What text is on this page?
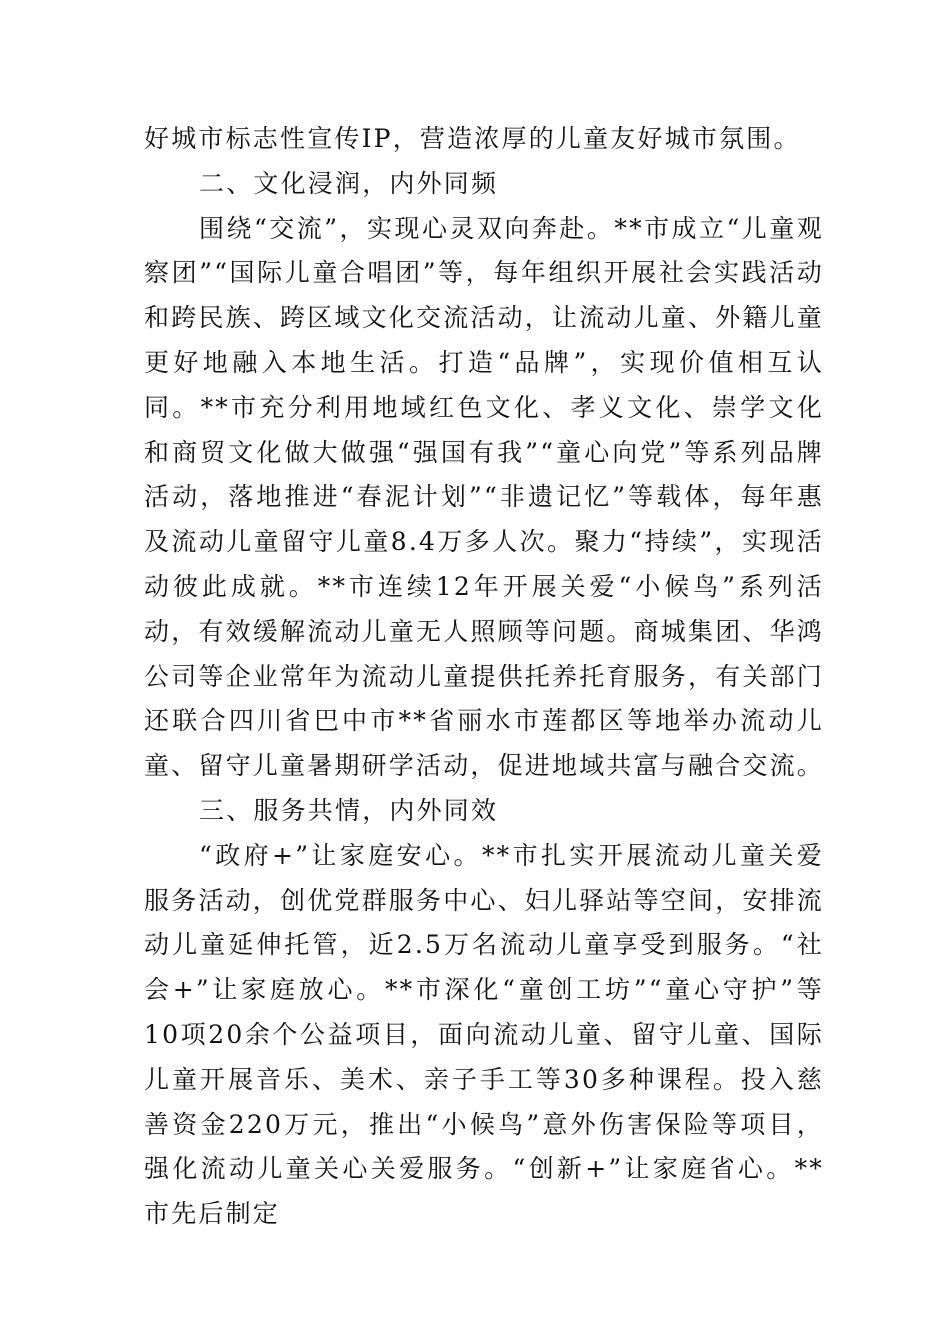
好城市标志性宣传IP，营造浓厚的儿童友好城市氛围。

二、文化浸润，内外同频

围绕“交流”，实现心灵双向奔赴。**市成立“儿童观察团”“国际儿童合唱团”等，每年组织开展社会实践活动和跨民族、跨区域文化交流活动，让流动儿童、外籍儿童更好地融入本地生活。打造“品牌”，实现价值相互认同。**市充分利用地域红色文化、孝义文化、崇学文化和商贸文化做大做强“强国有我”“童心向党”等系列品牌活动，落地推进“春泥计划”“非遗记忆”等载体，每年惠及流动儿童留守儿童8.4万多人次。聚力“持续”，实现活动彼此成就。**市连续12年开展关爱“小候鸟”系列活动，有效缓解流动儿童无人照顾等问题。商城集团、华鸿公司等企业常年为流动儿童提供托养托育服务，有关部门还联合四川省巴中市**省丽水市莲都区等地举办流动儿童、留守儿童暑期研学活动，促进地域共富与融合交流。

三、服务共情，内外同效

“政府+”让家庭安心。**市扎实开展流动儿童关爱服务活动，创优党群服务中心、妇儿驿站等空间，安排流动儿童延伸托管，近2.5万名流动儿童享受到服务。“社会+”让家庭放心。**市深化“童创工坊”“童心守护”等10项20余个公益项目，面向流动儿童、留守儿童、国际儿童开展音乐、美术、亲子手工等30多种课程。投入慈善资金220万元，推出“小候鸟”意外伤害保险等项目，强化流动儿童关心关爱服务。“创新+”让家庭省心。**市先后制定
